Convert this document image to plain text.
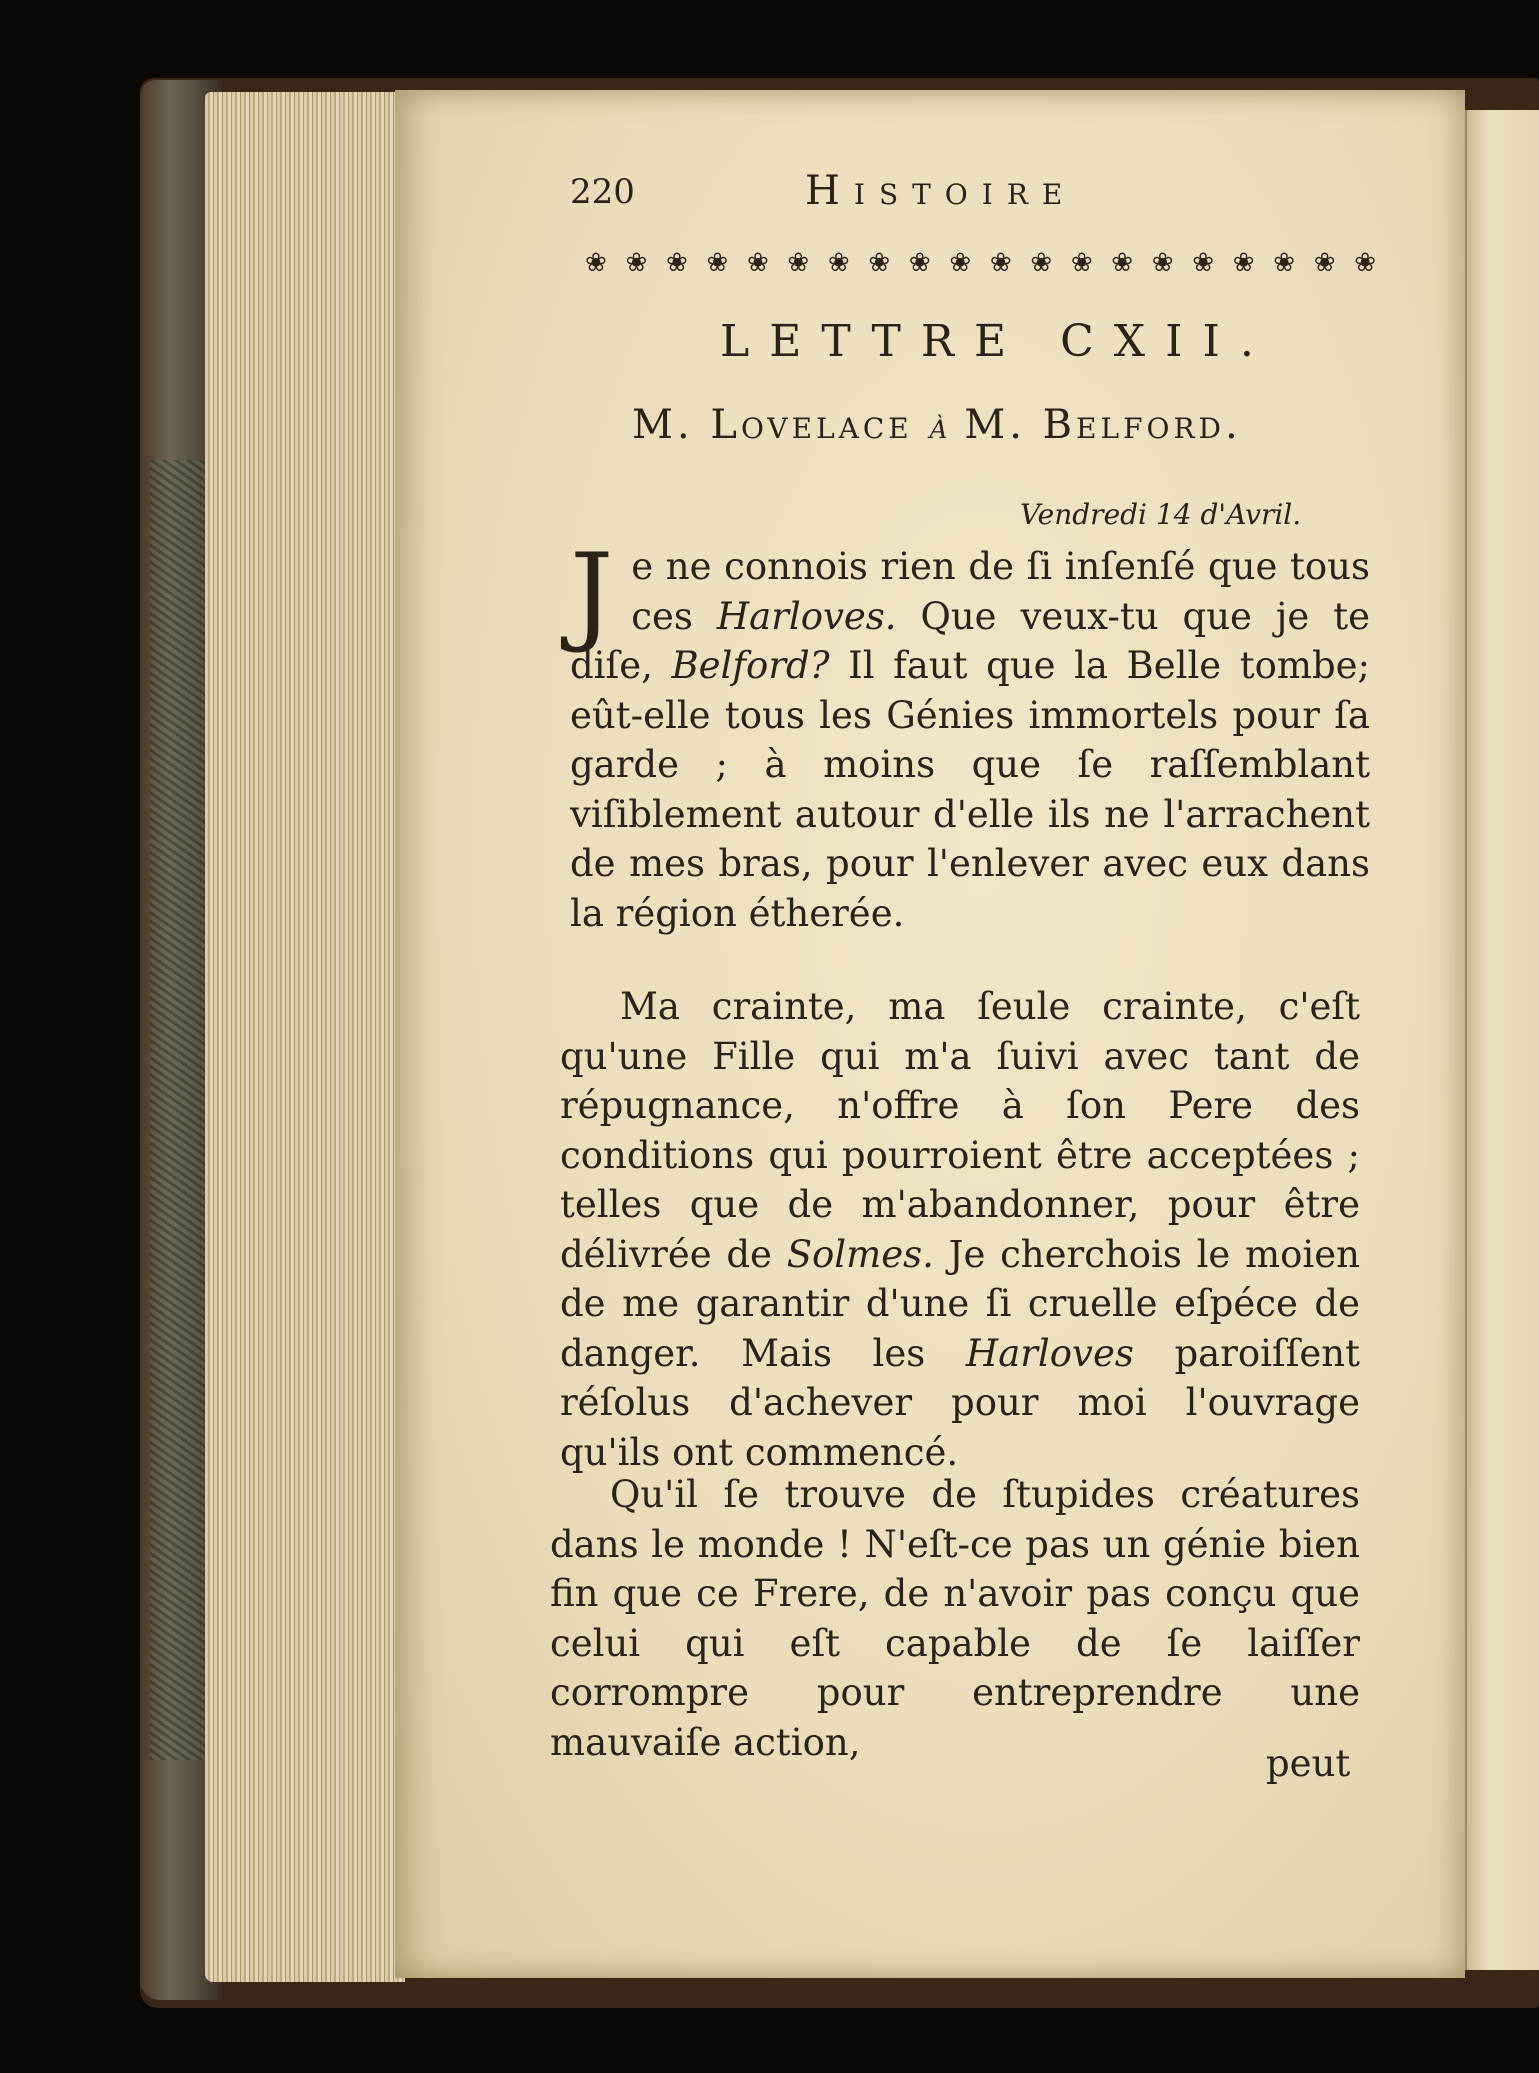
220	Histoire
❀ ❀ ❀ ❀ ❀ ❀ ❀ ❀ ❀ ❀ ❀ ❀ ❀ ❀ ❀ ❀ ❀ ❀ ❀ ❀
LETTRE CXII.
M. Lovelace à M. Belford.
Vendredi 14 d'Avril.

Je ne connois rien de ſi inſenſé que tous ces Harloves. Que veux-tu que je te diſe, Belford? Il faut que la Belle tombe; eût-elle tous les Génies immortels pour ſa garde ; à moins que ſe raſſemblant viſiblement autour d'elle ils ne l'arrachent de mes bras, pour l'enlever avec eux dans la région étherée.

Ma crainte, ma ſeule crainte, c'eſt qu'une Fille qui m'a ſuivi avec tant de répugnance, n'offre à ſon Pere des conditions qui pourroient être acceptées ; telles que de m'abandonner, pour être délivrée de Solmes. Je cherchois le moien de me garantir d'une ſi cruelle eſpéce de danger. Mais les Harloves paroiſſent réſolus d'achever pour moi l'ouvrage qu'ils ont commencé.

Qu'il ſe trouve de ſtupides créatures dans le monde ! N'eſt-ce pas un génie bien fin que ce Frere, de n'avoir pas conçu que celui qui eſt capable de ſe laiſſer corrompre pour entreprendre une mauvaiſe action,	peut
